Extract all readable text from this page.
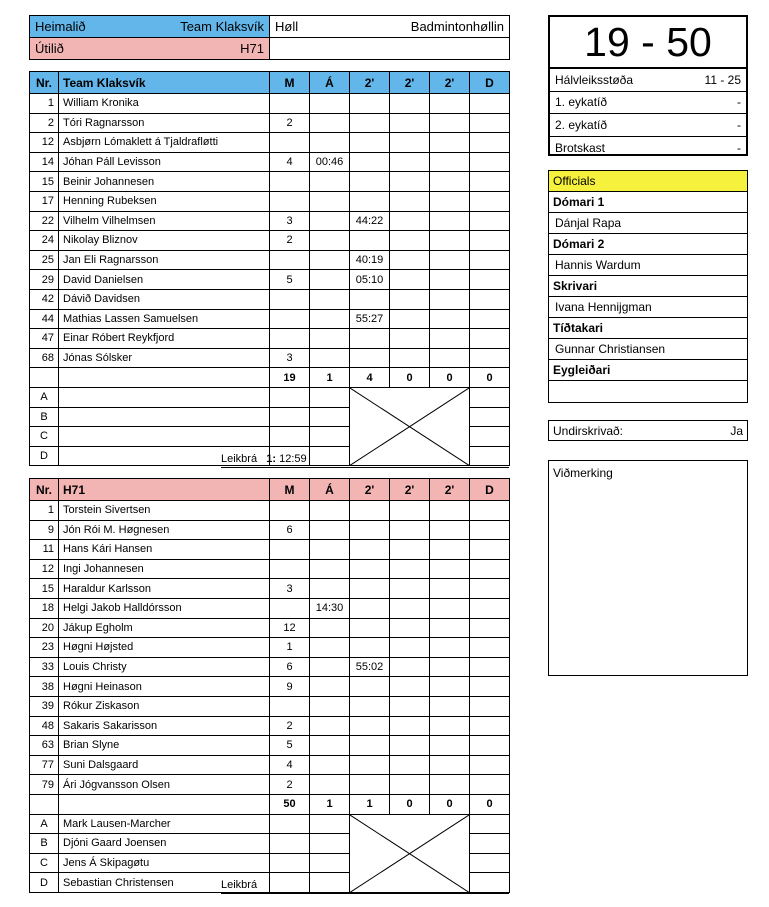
Heimalið Team Klaksvík	Høll Badmintonhøllin

Útilið H71	

Nr.	Team Klaksvík	M	Á	2'	2'	2'	D
1	William Kronika						
2	Tóri Ragnarsson	2					
12	Asbjørn Lómaklett á Tjaldrafløtti						
14	Jóhan Páll Levisson	4	00:46				
15	Beinir Johannesen						
17	Henning Rubeksen						
22	Vilhelm Vilhelmsen	3		44:22			
24	Nikolay Bliznov	2					
25	Jan Eli Ragnarsson			40:19			
29	David Danielsen	5		05:10			
42	Dávið Davidsen						
44	Mathias Lassen Samuelsen			55:27			
47	Einar Róbert Reykfjord						
68	Jónas Sólsker	3					
		19	1	4	0	0	0
A				

B							
C							
D								Leikbrá 1: 12:59
Nr.	H71	M	Á	2'	2'	2'	D
1	Torstein Sivertsen						
9	Jón Rói M. Høgnesen	6					
11	Hans Kári Hansen						
12	Ingi Johannesen						
15	Haraldur Karlsson	3					
18	Helgi Jakob Halldórsson		14:30				
20	Jákup Egholm	12					
23	Høgni Højsted	1					
33	Louis Christy	6		55:02			
38	Høgni Heinason	9					
39	Rókur Ziskason						
48	Sakaris Sakarisson	2					
63	Brian Slyne	5					
77	Suni Dalsgaard	4					
79	Ári Jógvansson Olsen	2					
		50	1	1	0	0	0
A	Mark Lausen-Marcher			

B	Djóni Gaard Joensen						
C	Jens Á Skipagøtu						
D	Sebastian Christensen							Leikbrá
19 - 50
Hálvleiksstøða	11 - 25
1. eykatíð	-
2. eykatíð	-
Brotskast	-
Officials
Dómari 1
Dánjal Rapa
Dómari 2
Hannis Wardum
Skrivari
Ivana Hennijgman
Tíðtakari
Gunnar Christiansen
Eygleiðari
Undirskrivað:	Ja
Viðmerking
